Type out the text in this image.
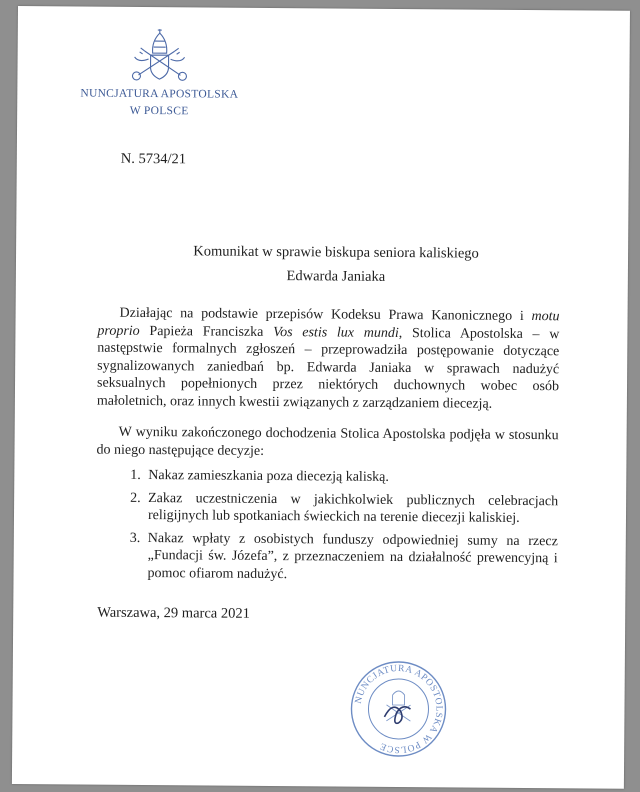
NUNCJATURA APOSTOLSKA
W POLSCE
N. 5734/21
Komunikat w sprawie biskupa seniora kaliskiego
Edwarda Janiaka

Działając na podstawie przepisów Kodeksu Prawa Kanonicznego i motu proprio Papieża Franciszka Vos estis lux mundi, Stolica Apostolska – w następstwie formalnych zgłoszeń – przeprowadziła postępowanie dotyczące sygnalizowanych zaniedbań bp. Edwarda Janiaka w sprawach nadużyć seksualnych popełnionych przez niektórych duchownych wobec osób małoletnich, oraz innych kwestii związanych z zarządzaniem diecezją.

W wyniku zakończonego dochodzenia Stolica Apostolska podjęła w stosunku do niego następujące decyzje:

1. Nakaz zamieszkania poza diecezją kaliską.
2. Zakaz uczestniczenia w jakichkolwiek publicznych celebracjach religijnych lub spotkaniach świeckich na terenie diecezji kaliskiej.
3. Nakaz wpłaty z osobistych funduszy odpowiedniej sumy na rzecz „Fundacji św. Józefa”, z przeznaczeniem na działalność prewencyjną i pomoc ofiarom nadużyć.
Warszawa, 29 marca 2021
NUNCJATURA APOSTOLSKA W POLSCE
